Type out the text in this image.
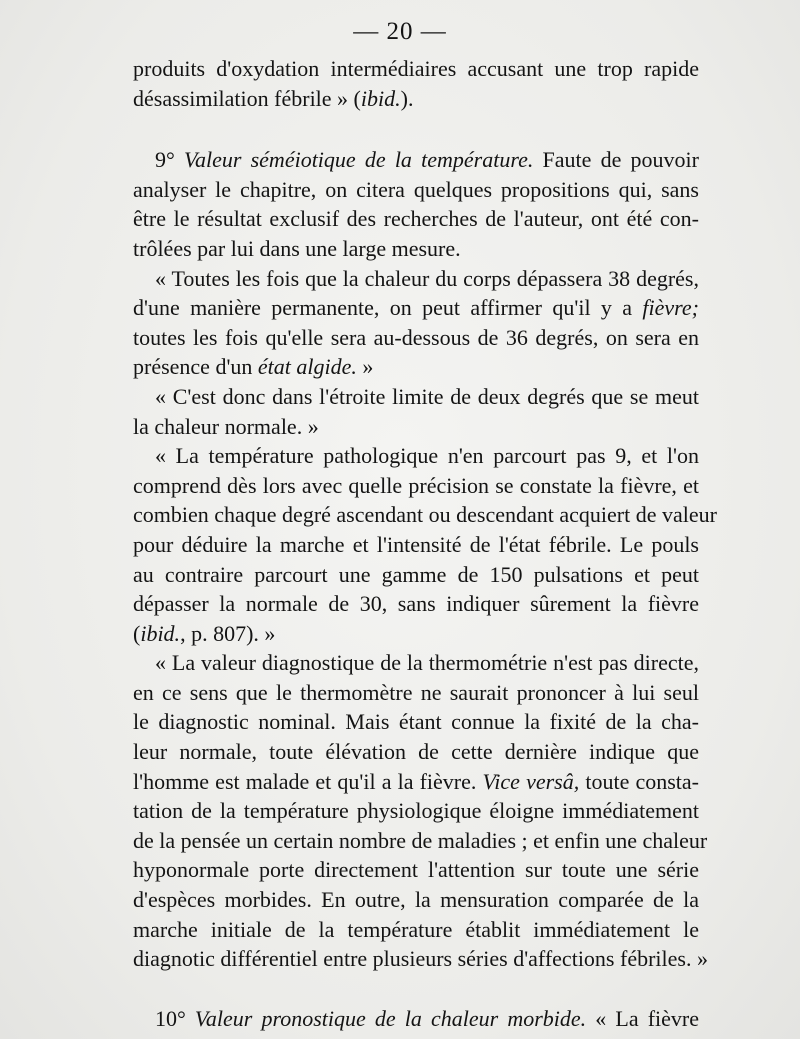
— 20 —
produits d'oxydation intermédiaires accusant une trop rapide
désassimilation fébrile » (ibid.).
9° Valeur séméiotique de la température. Faute de pouvoir
analyser le chapitre, on citera quelques propositions qui, sans
être le résultat exclusif des recherches de l'auteur, ont été con-
trôlées par lui dans une large mesure.
« Toutes les fois que la chaleur du corps dépassera 38 degrés,
d'une manière permanente, on peut affirmer qu'il y a fièvre;
toutes les fois qu'elle sera au-dessous de 36 degrés, on sera en
présence d'un état algide. »
« C'est donc dans l'étroite limite de deux degrés que se meut
la chaleur normale. »
« La température pathologique n'en parcourt pas 9, et l'on
comprend dès lors avec quelle précision se constate la fièvre, et
combien chaque degré ascendant ou descendant acquiert de valeur
pour déduire la marche et l'intensité de l'état fébrile. Le pouls
au contraire parcourt une gamme de 150 pulsations et peut
dépasser la normale de 30, sans indiquer sûrement la fièvre
(ibid., p. 807). »
« La valeur diagnostique de la thermométrie n'est pas directe,
en ce sens que le thermomètre ne saurait prononcer à lui seul
le diagnostic nominal. Mais étant connue la fixité de la cha-
leur normale, toute élévation de cette dernière indique que
l'homme est malade et qu'il a la fièvre. Vice versâ, toute consta-
tation de la température physiologique éloigne immédiatement
de la pensée un certain nombre de maladies ; et enfin une chaleur
hyponormale porte directement l'attention sur toute une série
d'espèces morbides. En outre, la mensuration comparée de la
marche initiale de la température établit immédiatement le
diagnotic différentiel entre plusieurs séries d'affections fébriles. »
10° Valeur pronostique de la chaleur morbide. « La fièvre
